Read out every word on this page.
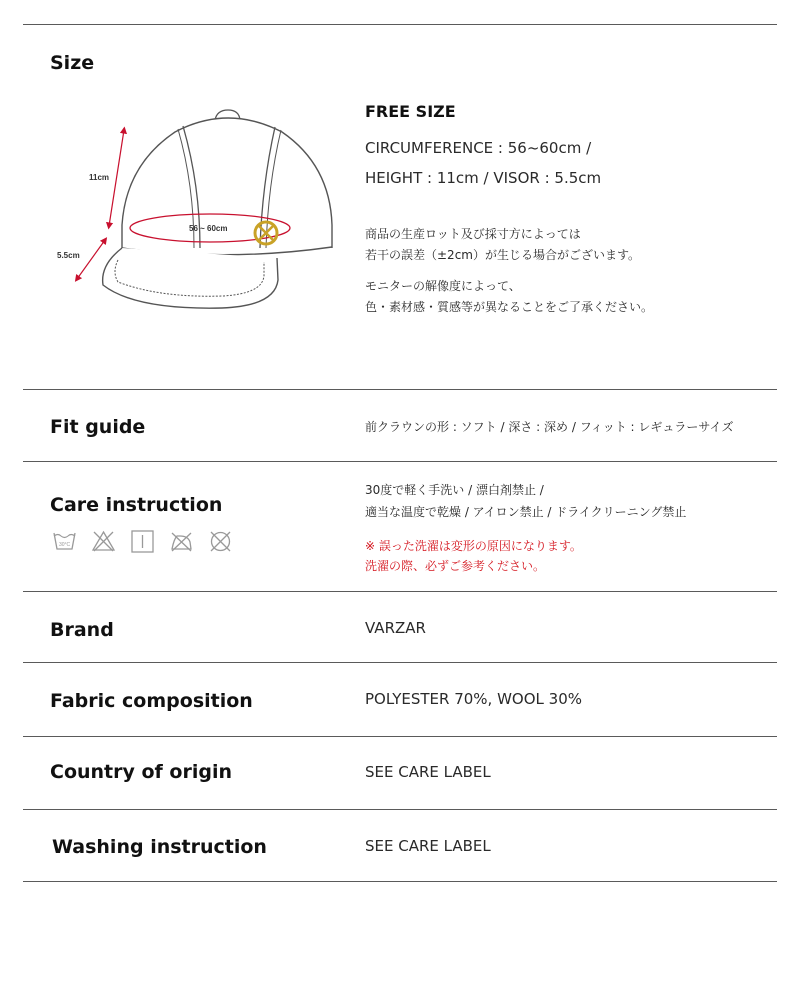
Size
11cm
5.5cm
56 ~ 60cm
FREE SIZE
CIRCUMFERENCE : 56~60cm /
HEIGHT : 11cm / VISOR : 5.5cm
商品の生産ロット及び採寸方によっては
若干の誤差（±2cm）が生じる場合がございます。
モニターの解像度によって、
色・素材感・質感等が異なることをご了承ください。
Fit guide	前クラウンの形 : ソフト / 深さ : 深め / フィット : レギュラーサイズ
Care instruction
30°C
30度で軽く手洗い / 漂白剤禁止 /
適当な温度で乾燥 / アイロン禁止 / ドライクリーニング禁止
※ 誤った洗濯は変形の原因になります。
洗濯の際、必ずご参考ください。
Brand	VARZAR
Fabric composition	POLYESTER 70%, WOOL 30%
Country of origin	SEE CARE LABEL
Washing instruction	SEE CARE LABEL
